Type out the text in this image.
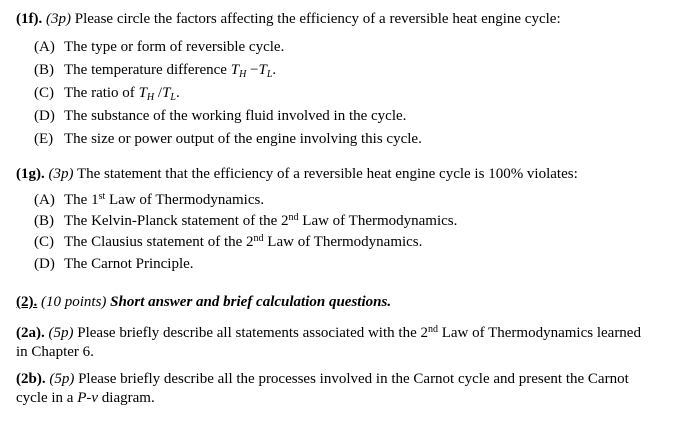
(1f). (3p) Please circle the factors affecting the efficiency of a reversible heat engine cycle:
(A) The type or form of reversible cycle.
(B) The temperature difference $T_H -T_L$.
(C) The ratio of $T_H$ $/T_L$.
(D) The substance of the working fluid involved in the cycle.
(E) The size or power output of the engine involving this cycle.
(1g). (3p) The statement that the efficiency of a reversible heat engine cycle is 100% violates:
(A) The 1st Law of Thermodynamics.
(B) The Kelvin-Planck statement of the 2nd Law of Thermodynamics.
(C) The Clausius statement of the 2nd Law of Thermodynamics.
(D) The Carnot Principle.
(2). (10 points) Short answer and brief calculation questions.
(2a). (5p) Please briefly describe all statements associated with the 2nd Law of Thermodynamics learned
in Chapter 6.
(2b). (5p) Please briefly describe all the processes involved in the Carnot cycle and present the Carnot
cycle in a P-v diagram.
